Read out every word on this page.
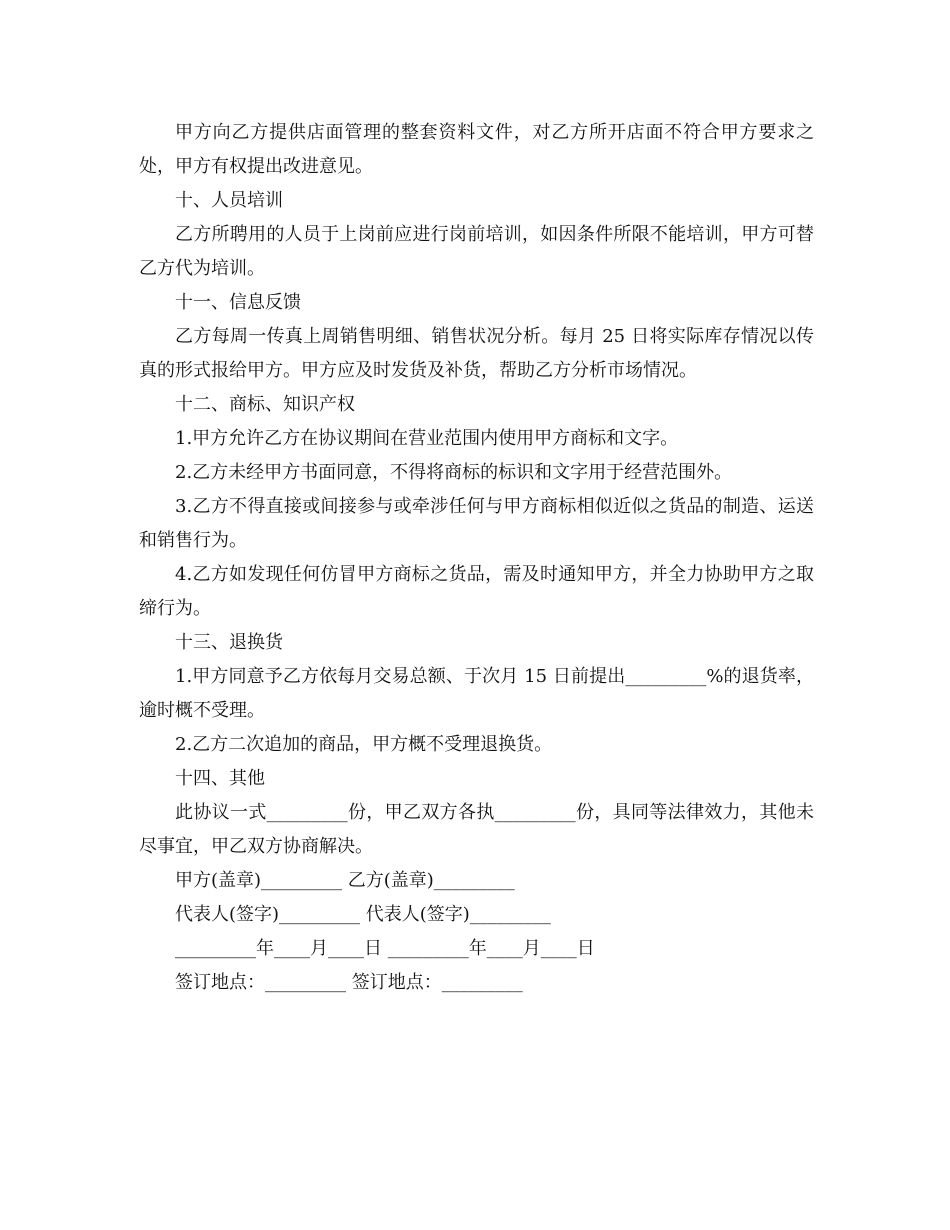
甲方向乙方提供店面管理的整套资料文件，对乙方所开店面不符合甲方要求之处，甲方有权提出改进意见。

十、人员培训

乙方所聘用的人员于上岗前应进行岗前培训，如因条件所限不能培训，甲方可替乙方代为培训。

十一、信息反馈

乙方每周一传真上周销售明细、销售状况分析。每月 25 日将实际库存情况以传真的形式报给甲方。甲方应及时发货及补货，帮助乙方分析市场情况。

十二、商标、知识产权

1.甲方允许乙方在协议期间在营业范围内使用甲方商标和文字。

2.乙方未经甲方书面同意，不得将商标的标识和文字用于经营范围外。

3.乙方不得直接或间接参与或牵涉任何与甲方商标相似近似之货品的制造、运送和销售行为。

4.乙方如发现任何仿冒甲方商标之货品，需及时通知甲方，并全力协助甲方之取缔行为。

十三、退换货

1.甲方同意予乙方依每月交易总额、于次月 15 日前提出_________%的退货率，逾时概不受理。

2.乙方二次追加的商品，甲方概不受理退换货。

十四、其他

此协议一式_________份，甲乙双方各执_________份，具同等法律效力，其他未尽事宜，甲乙双方协商解决。

甲方(盖章)_________ 乙方(盖章)_________

代表人(签字)_________ 代表人(签字)_________

_________年____月____日 _________年____月____日

签订地点：_________ 签订地点：_________
